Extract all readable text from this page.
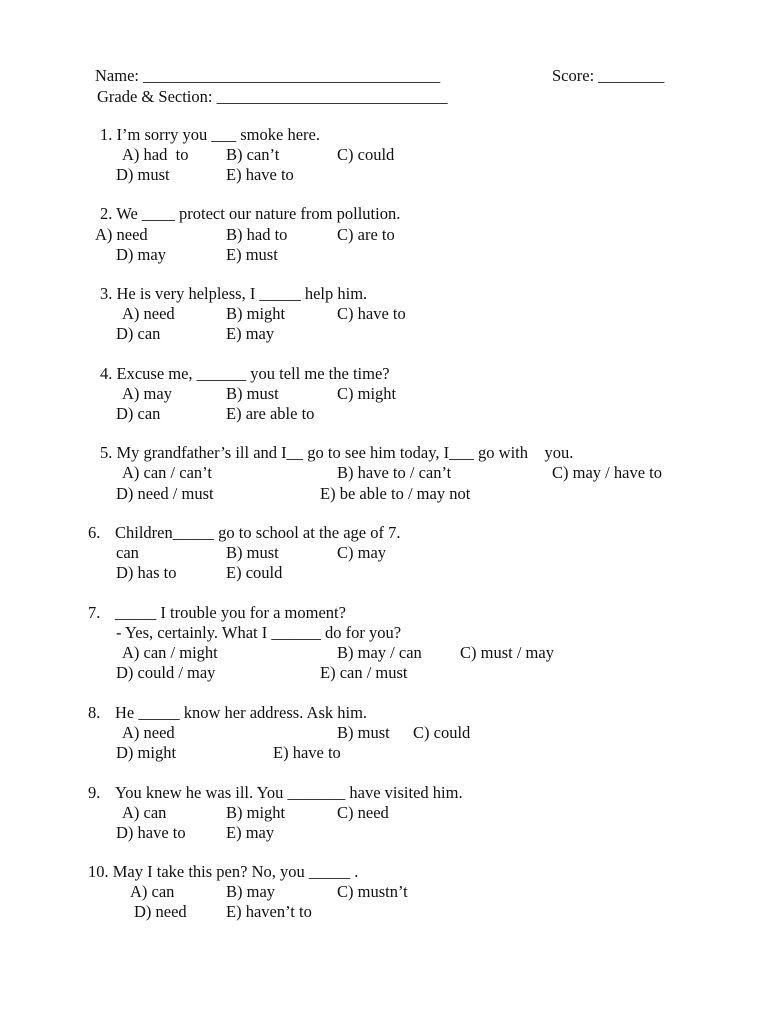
Name: ____________________________________	Score: ________
Grade & Section: ____________________________
1. I’m sorry you ___ smoke here.
A) had  to B) can’t	C) could
D) must	E) have to
2. We ____ protect our nature from pollution.
A) need	B) had to	C) are to
D) may	E) must
3. He is very helpless, I _____ help him.
A) need	B) might	C) have to
D) can	E) may
4. Excuse me, ______ you tell me the time?
A) may	B) must	C) might
D) can	E) are able to
5. My grandfather’s ill and I__ go to see him today, I___ go with    you.
A) can / can’t	B) have to / can’t	C) may / have to
D) need / must	E) be able to / may not
6. Children_____ go to school at the age of 7.
can	B) must	C) may
D) has to	E) could
7. _____ I trouble you for a moment?
- Yes, certainly. What I ______ do for you?
A) can / might	B) may / can C) must / may
D) could / may	E) can / must
8. He _____ know her address. Ask him.
A) need	B) must C) could
D) might	E) have to
9. You knew he was ill. You _______ have visited him.
A) can	B) might	C) need
D) have to E) may
10. May I take this pen? No, you _____ .
A) can	B) may	C) mustn’t
D) need E) haven’t to
